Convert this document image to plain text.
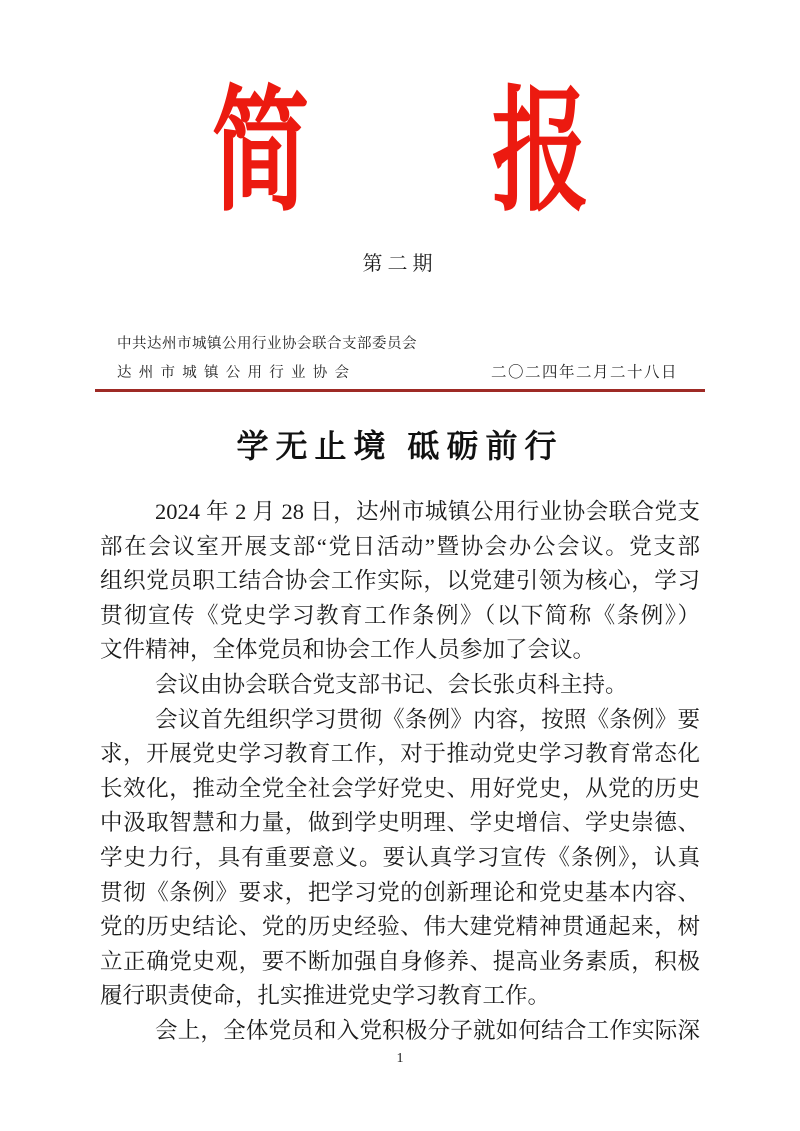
简 报
第二期
中共达州市城镇公用行业协会联合支部委员会
达州市城镇公用行业协会	二〇二四年二月二十八日
学无止境 砥砺前行
2024 年 2 月 28 日，达州市城镇公用行业协会联合党支
部在会议室开展支部“党日活动”暨协会办公会议。党支部
组织党员职工结合协会工作实际，以党建引领为核心，学习
贯彻宣传《党史学习教育工作条例》（以下简称《条例》）
文件精神，全体党员和协会工作人员参加了会议。
会议由协会联合党支部书记、会长张贞科主持。
会议首先组织学习贯彻《条例》内容，按照《条例》要
求，开展党史学习教育工作，对于推动党史学习教育常态化
长效化，推动全党全社会学好党史、用好党史，从党的历史
中汲取智慧和力量，做到学史明理、学史增信、学史崇德、
学史力行，具有重要意义。要认真学习宣传《条例》，认真
贯彻《条例》要求，把学习党的创新理论和党史基本内容、
党的历史结论、党的历史经验、伟大建党精神贯通起来，树
立正确党史观，要不断加强自身修养、提高业务素质，积极
履行职责使命，扎实推进党史学习教育工作。
会上，全体党员和入党积极分子就如何结合工作实际深
1
